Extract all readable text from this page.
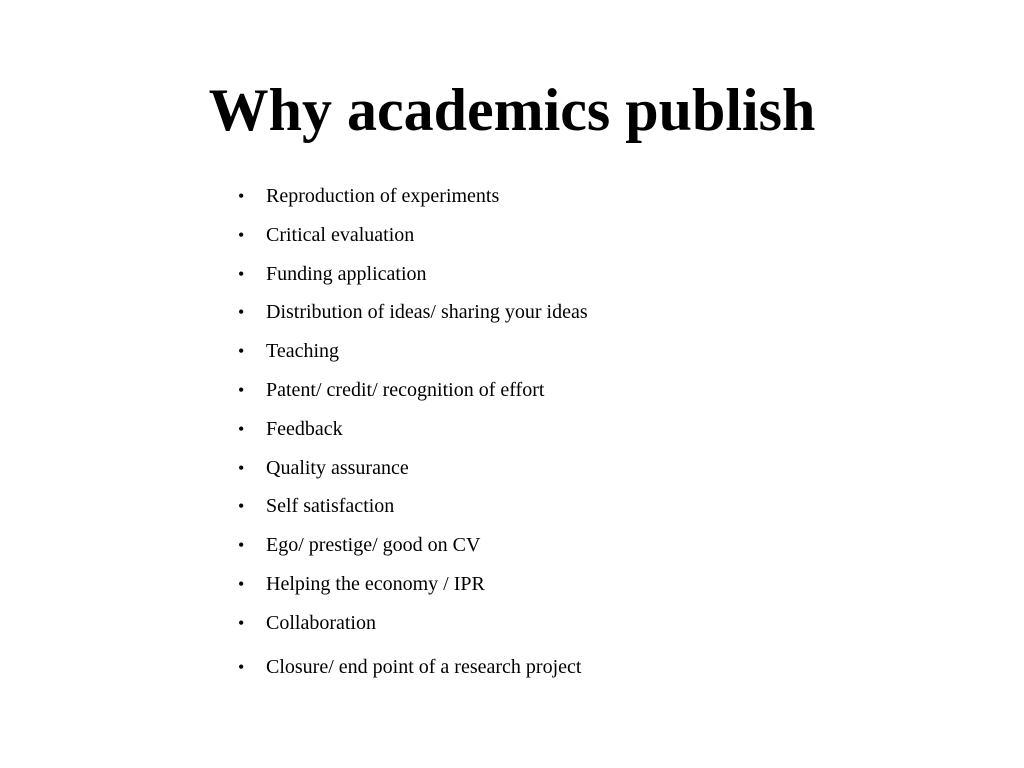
Why academics publish
•	Reproduction of experiments
•	Critical evaluation
•	Funding application
•	Distribution of ideas/ sharing your ideas
•	Teaching
•	Patent/ credit/ recognition of effort
•	Feedback
•	Quality assurance
•	Self satisfaction
•	Ego/ prestige/ good on CV
•	Helping the economy / IPR
•	Collaboration
•	Closure/ end point of a research project
